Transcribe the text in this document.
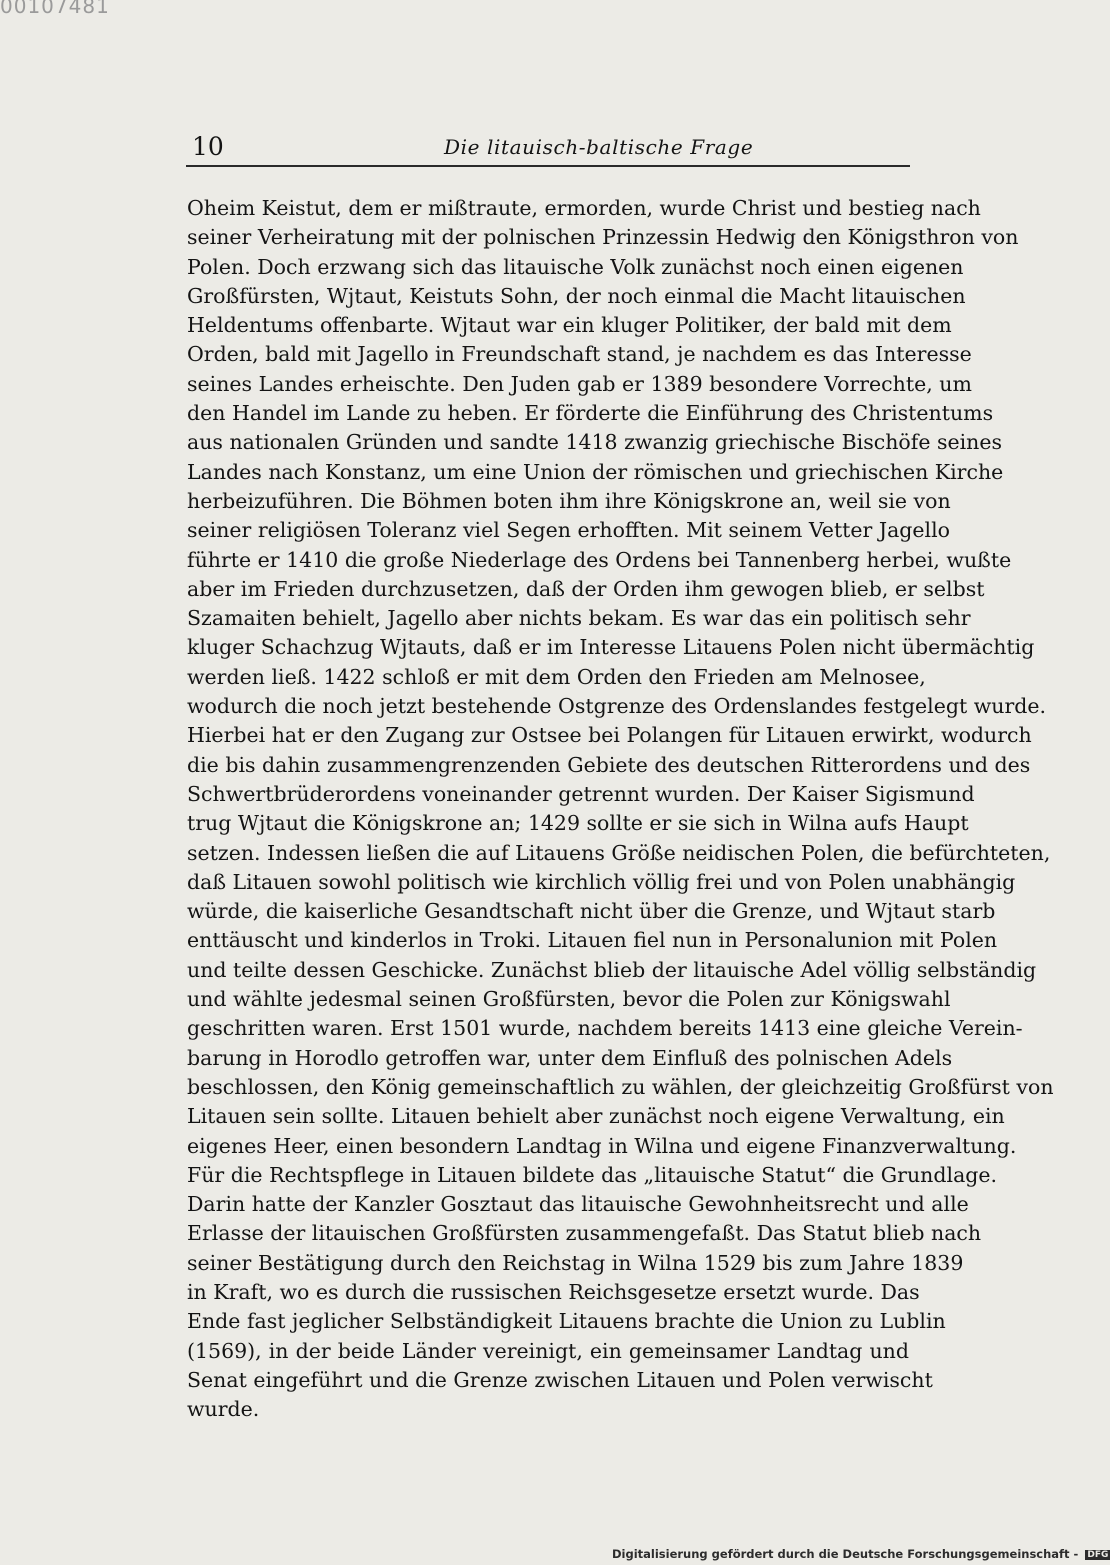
00107481
10	Die litauisch-baltische Frage
Oheim Keistut, dem er mißtraute, ermorden, wurde Christ und bestieg nach
seiner Verheiratung mit der polnischen Prinzessin Hedwig den Königsthron von
Polen. Doch erzwang sich das litauische Volk zunächst noch einen eigenen
Großfürsten, Wjtaut, Keistuts Sohn, der noch einmal die Macht litauischen
Heldentums offenbarte. Wjtaut war ein kluger Politiker, der bald mit dem
Orden, bald mit Jagello in Freundschaft stand, je nachdem es das Interesse
seines Landes erheischte. Den Juden gab er 1389 besondere Vorrechte, um
den Handel im Lande zu heben. Er förderte die Einführung des Christentums
aus nationalen Gründen und sandte 1418 zwanzig griechische Bischöfe seines
Landes nach Konstanz, um eine Union der römischen und griechischen Kirche
herbeizuführen. Die Böhmen boten ihm ihre Königskrone an, weil sie von
seiner religiösen Toleranz viel Segen erhofften. Mit seinem Vetter Jagello
führte er 1410 die große Niederlage des Ordens bei Tannenberg herbei, wußte
aber im Frieden durchzusetzen, daß der Orden ihm gewogen blieb, er selbst
Szamaiten behielt, Jagello aber nichts bekam. Es war das ein politisch sehr
kluger Schachzug Wjtauts, daß er im Interesse Litauens Polen nicht übermächtig
werden ließ. 1422 schloß er mit dem Orden den Frieden am Melnosee,
wodurch die noch jetzt bestehende Ostgrenze des Ordenslandes festgelegt wurde.
Hierbei hat er den Zugang zur Ostsee bei Polangen für Litauen erwirkt, wodurch
die bis dahin zusammengrenzenden Gebiete des deutschen Ritterordens und des
Schwertbrüderordens voneinander getrennt wurden. Der Kaiser Sigismund
trug Wjtaut die Königskrone an; 1429 sollte er sie sich in Wilna aufs Haupt
setzen. Indessen ließen die auf Litauens Größe neidischen Polen, die befürchteten,
daß Litauen sowohl politisch wie kirchlich völlig frei und von Polen unabhängig
würde, die kaiserliche Gesandtschaft nicht über die Grenze, und Wjtaut starb
enttäuscht und kinderlos in Troki. Litauen fiel nun in Personalunion mit Polen
und teilte dessen Geschicke. Zunächst blieb der litauische Adel völlig selbständig
und wählte jedesmal seinen Großfürsten, bevor die Polen zur Königswahl
geschritten waren. Erst 1501 wurde, nachdem bereits 1413 eine gleiche Verein-
barung in Horodlo getroffen war, unter dem Einfluß des polnischen Adels
beschlossen, den König gemeinschaftlich zu wählen, der gleichzeitig Großfürst von
Litauen sein sollte. Litauen behielt aber zunächst noch eigene Verwaltung, ein
eigenes Heer, einen besondern Landtag in Wilna und eigene Finanzverwaltung.
Für die Rechtspflege in Litauen bildete das „litauische Statut“ die Grundlage.
Darin hatte der Kanzler Gosztaut das litauische Gewohnheitsrecht und alle
Erlasse der litauischen Großfürsten zusammengefaßt. Das Statut blieb nach
seiner Bestätigung durch den Reichstag in Wilna 1529 bis zum Jahre 1839
in Kraft, wo es durch die russischen Reichsgesetze ersetzt wurde. Das
Ende fast jeglicher Selbständigkeit Litauens brachte die Union zu Lublin
(1569), in der beide Länder vereinigt, ein gemeinsamer Landtag und
Senat eingeführt und die Grenze zwischen Litauen und Polen verwischt
wurde.
Digitalisierung gefördert durch die Deutsche Forschungsgemeinschaft - DFG
